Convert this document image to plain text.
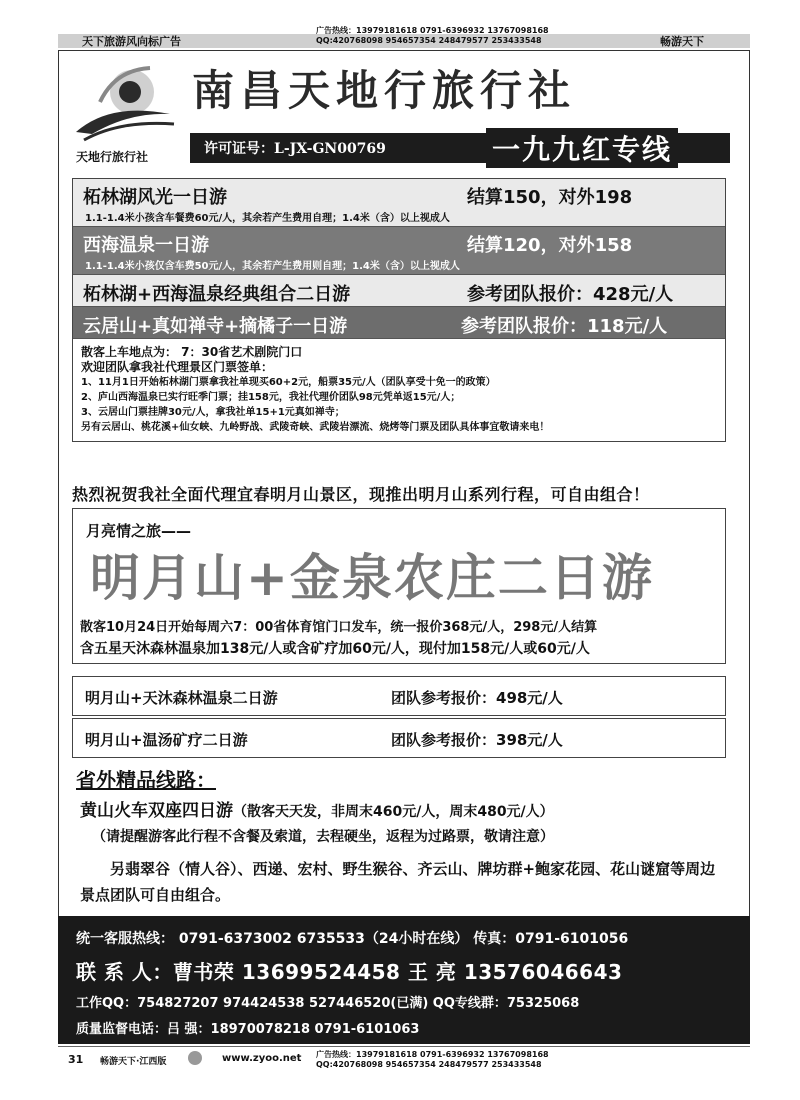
天下旅游风向标广告
广告热线：13979181618 0791-6396932 13767098168
QQ:420768098 954657354 248479577 253433548	畅游天下
天地行旅行社
南昌天地行旅行社
许可证号：L-JX-GN00769	一九九红专线
柘林湖风光一日游	结算150，对外198
1.1-1.4米小孩含车餐费60元/人，其余若产生费用自理；1.4米（含）以上视成人
西海温泉一日游	结算120，对外158
1.1-1.4米小孩仅含车费50元/人，其余若产生费用则自理；1.4米（含）以上视成人
柘林湖+西海温泉经典组合二日游	参考团队报价：428元/人
云居山+真如禅寺+摘橘子一日游	参考团队报价：118元/人
散客上车地点为： 7：30省艺术剧院门口
欢迎团队拿我社代理景区门票签单：
1、11月1日开始柘林湖门票拿我社单现买60+2元，船票35元/人（团队享受十免一的政策）
2、庐山西海温泉已实行旺季门票；挂158元，我社代理价团队98元凭单返15元/人；
3、云居山门票挂牌30元/人，拿我社单15+1元真如禅寺；
另有云居山、桃花溪+仙女峡、九岭野战、武陵奇峡、武陵岩漂流、烧烤等门票及团队具体事宜敬请来电！
热烈祝贺我社全面代理宜春明月山景区，现推出明月山系列行程，可自由组合！
月亮情之旅——
明月山+金泉农庄二日游
散客10月24日开始每周六7：00省体育馆门口发车，统一报价368元/人，298元/人结算
含五星天沐森林温泉加138元/人或含矿疗加60元/人，现付加158元/人或60元/人
明月山+天沐森林温泉二日游	团队参考报价：498元/人
明月山+温汤矿疗二日游	团队参考报价：398元/人
省外精品线路：
黄山火车双座四日游（散客天天发，非周末460元/人，周末480元/人）
（请提醒游客此行程不含餐及索道，去程硬坐，返程为过路票，敬请注意）
另翡翠谷（情人谷）、西递、宏村、野生猴谷、齐云山、牌坊群+鲍家花园、花山谜窟等周边景点团队可自由组合。
统一客服热线： 0791-6373002 6735533（24小时在线） 传真：0791-6101056
联 系 人：曹书荣 13699524458 王 亮 13576046643
工作QQ：754827207 974424538 527446520(已满) QQ专线群：75325068
质量监督电话：吕 强：18970078218 0791-6101063
31 畅游天下·江西版	www.zyoo.net 广告热线：13979181618 0791-6396932 13767098168
QQ:420768098 954657354 248479577 253433548
